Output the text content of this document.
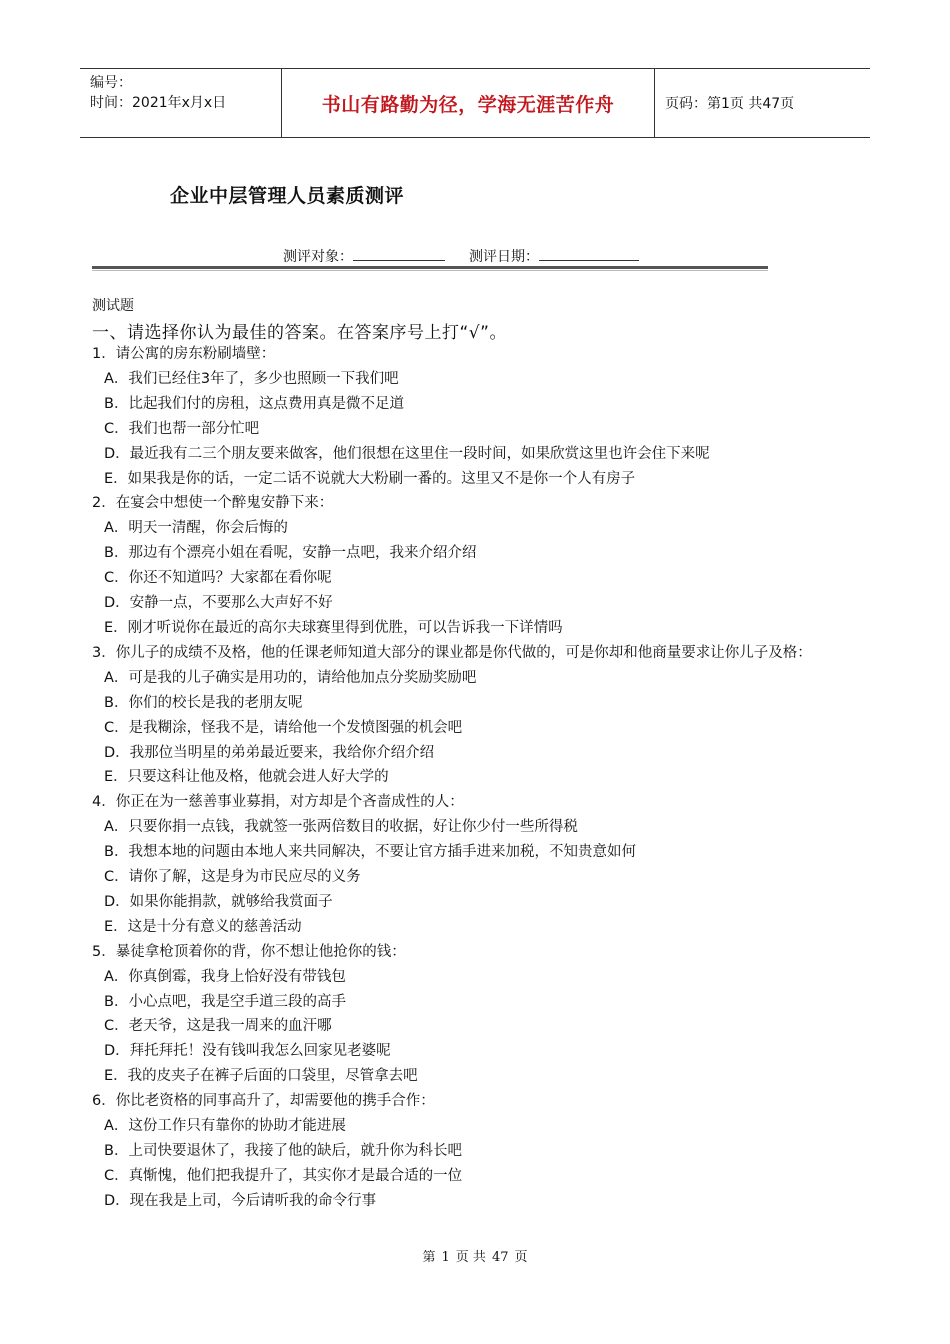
编号：
时间：2021年x月x日	书山有路勤为径，学海无涯苦作舟	页码：第1页 共47页
企业中层管理人员素质测评
测评对象：	测评日期：
测试题
一、请选择你认为最佳的答案。在答案序号上打“√”。
1．请公寓的房东粉刷墙壁：
A．我们已经住3年了，多少也照顾一下我们吧
B．比起我们付的房租，这点费用真是微不足道
C．我们也帮一部分忙吧
D．最近我有二三个朋友要来做客，他们很想在这里住一段时间，如果欣赏这里也许会住下来呢
E．如果我是你的话，一定二话不说就大大粉刷一番的。这里又不是你一个人有房子
2．在宴会中想使一个醉鬼安静下来：
A．明天一清醒，你会后悔的
B．那边有个漂亮小姐在看呢，安静一点吧，我来介绍介绍
C．你还不知道吗？大家都在看你呢
D．安静一点，不要那么大声好不好
E．刚才听说你在最近的高尔夫球赛里得到优胜，可以告诉我一下详情吗
3．你儿子的成绩不及格，他的任课老师知道大部分的课业都是你代做的，可是你却和他商量要求让你儿子及格：
A．可是我的儿子确实是用功的，请给他加点分奖励奖励吧
B．你们的校长是我的老朋友呢
C．是我糊涂，怪我不是，请给他一个发愤图强的机会吧
D．我那位当明星的弟弟最近要来，我给你介绍介绍
E．只要这科让他及格，他就会进人好大学的
4．你正在为一慈善事业募捐，对方却是个吝啬成性的人：
A．只要你捐一点钱，我就签一张两倍数目的收据，好让你少付一些所得税
B．我想本地的问题由本地人来共同解决，不要让官方插手进来加税，不知贵意如何
C．请你了解，这是身为市民应尽的义务
D．如果你能捐款，就够给我赏面子
E．这是十分有意义的慈善活动
5．暴徒拿枪顶着你的背，你不想让他抢你的钱：
A．你真倒霉，我身上恰好没有带钱包
B．小心点吧，我是空手道三段的高手
C．老天爷，这是我一周来的血汗哪
D．拜托拜托！没有钱叫我怎么回家见老婆呢
E．我的皮夹子在裤子后面的口袋里，尽管拿去吧
6．你比老资格的同事高升了，却需要他的携手合作：
A．这份工作只有靠你的协助才能进展
B．上司快要退休了，我接了他的缺后，就升你为科长吧
C．真惭愧，他们把我提升了，其实你才是最合适的一位
D．现在我是上司，今后请听我的命令行事
第 1 页 共 47 页
